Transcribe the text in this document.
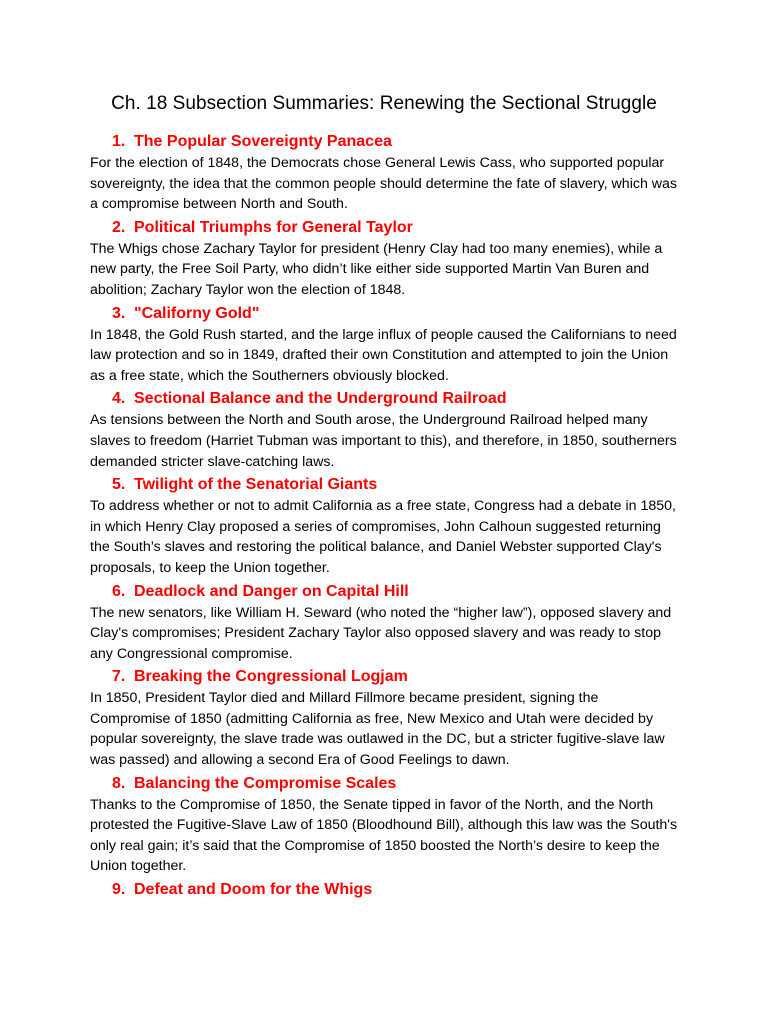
Ch. 18 Subsection Summaries: Renewing the Sectional Struggle
1. The Popular Sovereignty Panacea

For the election of 1848, the Democrats chose General Lewis Cass, who supported popular sovereignty, the idea that the common people should determine the fate of slavery, which was a compromise between North and South.

2. Political Triumphs for General Taylor

The Whigs chose Zachary Taylor for president (Henry Clay had too many enemies), while a new party, the Free Soil Party, who didn’t like either side supported Martin Van Buren and abolition; Zachary Taylor won the election of 1848.

3. "Californy Gold"

In 1848, the Gold Rush started, and the large influx of people caused the Californians to need law protection and so in 1849, drafted their own Constitution and attempted to join the Union as a free state, which the Southerners obviously blocked.

4. Sectional Balance and the Underground Railroad

As tensions between the North and South arose, the Underground Railroad helped many slaves to freedom (Harriet Tubman was important to this), and therefore, in 1850, southerners demanded stricter slave-catching laws.

5. Twilight of the Senatorial Giants

To address whether or not to admit California as a free state, Congress had a debate in 1850, in which Henry Clay proposed a series of compromises, John Calhoun suggested returning the South’s slaves and restoring the political balance, and Daniel Webster supported Clay's proposals, to keep the Union together.

6. Deadlock and Danger on Capital Hill

The new senators, like William H. Seward (who noted the “higher law”), opposed slavery and Clay's compromises; President Zachary Taylor also opposed slavery and was ready to stop any Congressional compromise.

7. Breaking the Congressional Logjam

In 1850, President Taylor died and Millard Fillmore became president, signing the Compromise of 1850 (admitting California as free, New Mexico and Utah were decided by popular sovereignty, the slave trade was outlawed in the DC, but a stricter fugitive-slave law was passed) and allowing a second Era of Good Feelings to dawn.

8. Balancing the Compromise Scales

Thanks to the Compromise of 1850, the Senate tipped in favor of the North, and the North protested the Fugitive-Slave Law of 1850 (Bloodhound Bill), although this law was the South's only real gain; it’s said that the Compromise of 1850 boosted the North’s desire to keep the Union together.

9. Defeat and Doom for the Whigs
